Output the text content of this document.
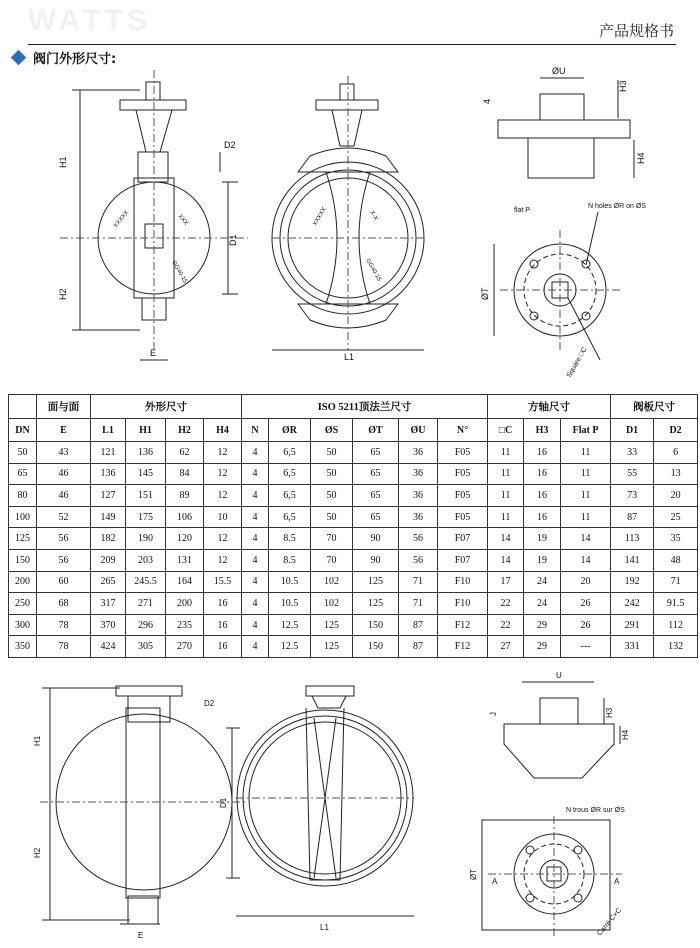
WATTS	产品规格书
阀门外形尺寸:
H1
H2
D1
D2
E
XXXXX	XXX
GG40-15
L1
XXXXX	X-X
GG40-15
ØU
H3
H4
4
flat P
N holes ØR on ØS
ØT
Square □C
	面与面	外形尺寸				ISO 5211顶法兰尺寸						方轴尺寸			阀板尺寸	
DN	E	L1	H1	H2	H4	N	ØR	ØS	ØT	ØU	N°	□C	H3	Flat P	D1	D2
50	43	121	136	62	12	4	6,5	50	65	36	F05	11	16	11	33	6
65	46	136	145	84	12	4	6,5	50	65	36	F05	11	16	11	55	13
80	46	127	151	89	12	4	6,5	50	65	36	F05	11	16	11	73	20
100	52	149	175	106	10	4	6,5	50	65	36	F05	11	16	11	87	25
125	56	182	190	120	12	4	8.5	70	90	56	F07	14	19	14	113	35
150	56	209	203	131	12	4	8.5	70	90	56	F07	14	19	14	141	48
200	60	265	245.5	164	15.5	4	10.5	102	125	71	F10	17	24	20	192	71
250	68	317	271	200	16	4	10.5	102	125	71	F10	22	24	26	242	91.5
300	78	370	296	235	16	4	12.5	125	150	87	F12	22	29	26	291	112
350	78	424	305	270	16	4	12.5	125	150	87	F12	27	29	---	331	132
H1
H2
D1
D2
E
L1
U
H3
H4
J
N trous ØR sur ØS
ØT
A	A
Carré C×C
